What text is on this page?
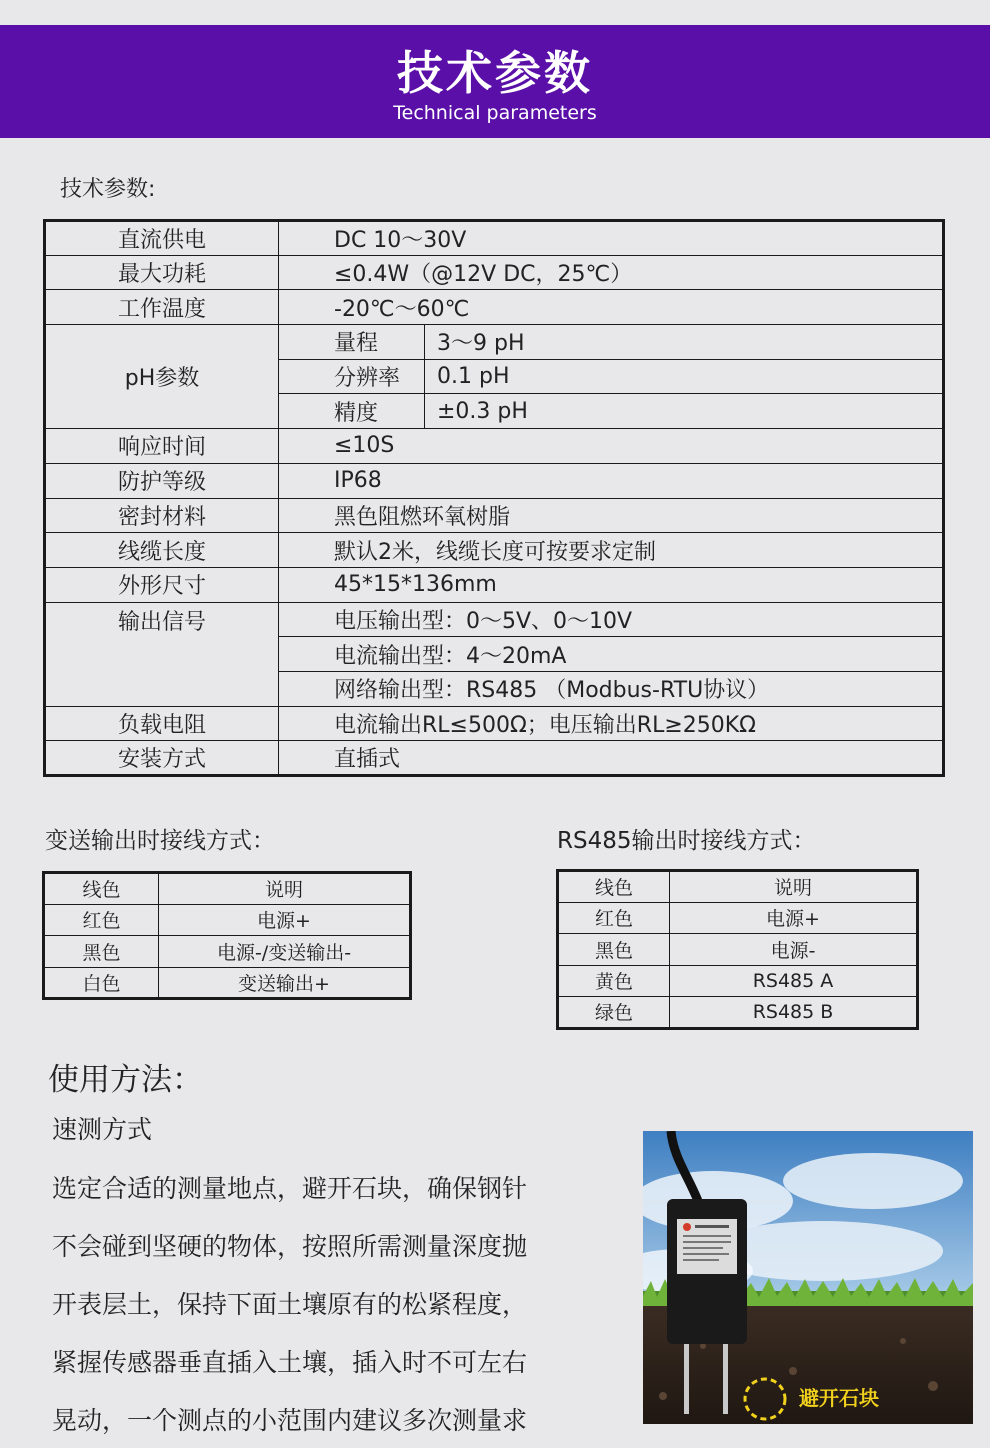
技术参数
Technical parameters
技术参数:
直流供电	DC 10～30V	
最大功耗	≤0.4W（@12V DC，25℃）	
工作温度	-20℃～60℃	
pH参数	量程	3～9 pH
	分辨率	0.1 pH
	精度	±0.3 pH
响应时间	≤10S	
防护等级	IP68	
密封材料	黑色阻燃环氧树脂	
线缆长度	默认2米，线缆长度可按要求定制	
外形尺寸	45*15*136mm	
输出信号	电压输出型：0～5V、0～10V	
	电流输出型：4～20mA	
	网络输出型：RS485 （Modbus-RTU协议）	
负载电阻	电流输出RL≤500Ω；电压输出RL≥250KΩ	
安装方式	直插式	
变送输出时接线方式：	RS485输出时接线方式：
线色	说明
红色	电源+
黑色	电源-/变送输出-
白色	变送输出+
线色	说明
红色	电源+
黑色	电源-
黄色	RS485 A
绿色	RS485 B
使用方法：
速测方式
选定合适的测量地点，避开石块，确保钢针
不会碰到坚硬的物体，按照所需测量深度抛
开表层土，保持下面土壤原有的松紧程度，
紧握传感器垂直插入土壤，插入时不可左右
晃动，一个测点的小范围内建议多次测量求
避开石块
